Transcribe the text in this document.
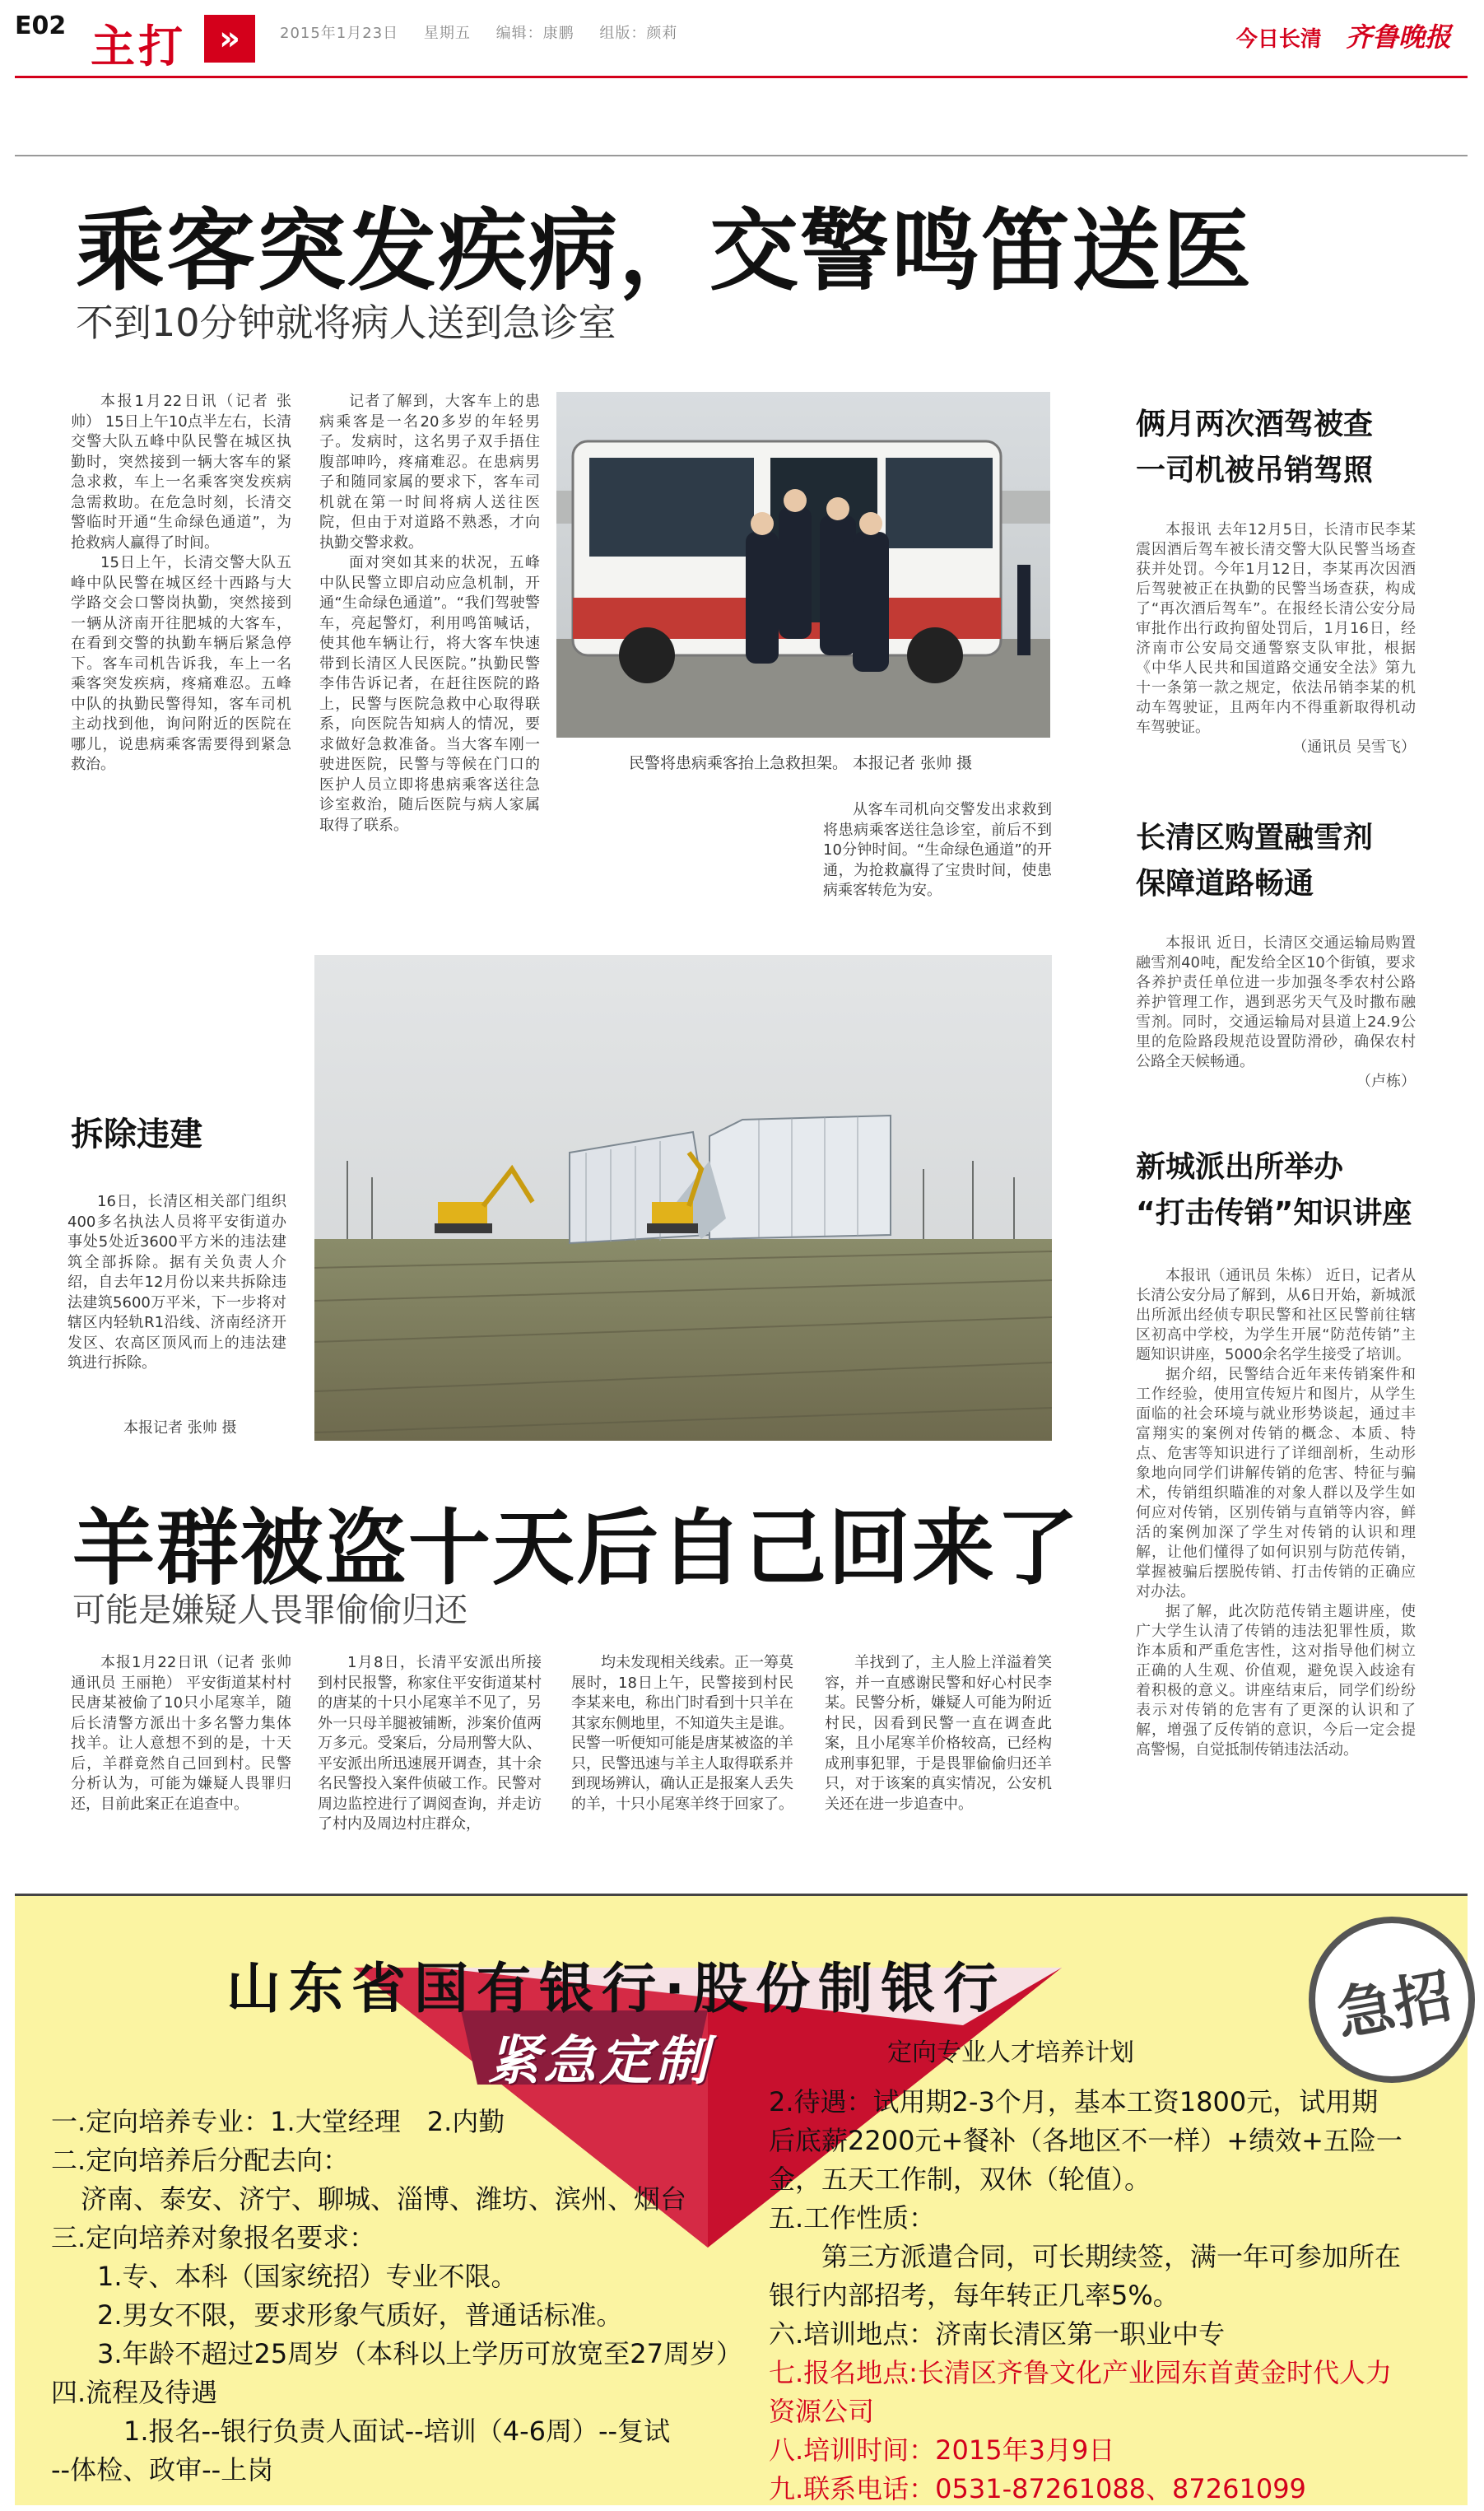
E02 主打	»	2015年1月23日 星期五 编辑：康鹏 组版：颜莉	今日长清 齐鲁晚报
乘客突发疾病，交警鸣笛送医
不到10分钟就将病人送到急诊室

本报1月22日讯（记者 张帅） 15日上午10点半左右，长清交警大队五峰中队民警在城区执勤时，突然接到一辆大客车的紧急求救，车上一名乘客突发疾病急需救助。在危急时刻，长清交警临时开通“生命绿色通道”，为抢救病人赢得了时间。

15日上午，长清交警大队五峰中队民警在城区经十西路与大学路交会口警岗执勤，突然接到一辆从济南开往肥城的大客车，在看到交警的执勤车辆后紧急停下。客车司机告诉我，车上一名乘客突发疾病，疼痛难忍。五峰中队的执勤民警得知，客车司机主动找到他，询问附近的医院在哪儿，说患病乘客需要得到紧急救治。

记者了解到，大客车上的患病乘客是一名20多岁的年轻男子。发病时，这名男子双手捂住腹部呻吟，疼痛难忍。在患病男子和随同家属的要求下，客车司机就在第一时间将病人送往医院，但由于对道路不熟悉，才向执勤交警求救。

面对突如其来的状况，五峰中队民警立即启动应急机制，开通“生命绿色通道”。“我们驾驶警车，亮起警灯，利用鸣笛喊话，使其他车辆让行，将大客车快速带到长清区人民医院。”执勤民警李伟告诉记者，在赶往医院的路上，民警与医院急救中心取得联系，向医院告知病人的情况，要求做好急救准备。当大客车刚一驶进医院，民警与等候在门口的医护人员立即将患病乘客送往急诊室救治，随后医院与病人家属取得了联系。

从客车司机向交警发出求救到将患病乘客送往急诊室，前后不到10分钟时间。“生命绿色通道”的开通，为抢救赢得了宝贵时间，使患病乘客转危为安。

民警将患病乘客抬上急救担架。 本报记者 张帅 摄
拆除违建

16日，长清区相关部门组织400多名执法人员将平安街道办事处5处近3600平方米的违法建筑全部拆除。据有关负责人介绍，自去年12月份以来共拆除违法建筑5600万平米，下一步将对辖区内轻轨R1沿线、济南经济开发区、农高区顶风而上的违法建筑进行拆除。

本报记者 张帅 摄
羊群被盗十天后自己回来了
可能是嫌疑人畏罪偷偷归还

本报1月22日讯（记者 张帅 通讯员 王丽艳） 平安街道某村村民唐某被偷了10只小尾寒羊，随后长清警方派出十多名警力集体找羊。让人意想不到的是，十天后，羊群竟然自己回到村。民警分析认为，可能为嫌疑人畏罪归还，目前此案正在追查中。

1月8日，长清平安派出所接到村民报警，称家住平安街道某村的唐某的十只小尾寒羊不见了，另外一只母羊腿被铺断，涉案价值两万多元。受案后，分局刑警大队、平安派出所迅速展开调查，其十余名民警投入案件侦破工作。民警对周边监控进行了调阅查询，并走访了村内及周边村庄群众，

均未发现相关线索。正一筹莫展时，18日上午，民警接到村民李某来电，称出门时看到十只羊在其家东侧地里，不知道失主是谁。民警一听便知可能是唐某被盗的羊只，民警迅速与羊主人取得联系并到现场辨认，确认正是报案人丢失的羊，十只小尾寒羊终于回家了。

羊找到了，主人脸上洋溢着笑容，并一直感谢民警和好心村民李某。民警分析，嫌疑人可能为附近村民，因看到民警一直在调查此案，且小尾寒羊价格较高，已经构成刑事犯罪，于是畏罪偷偷归还羊只，对于该案的真实情况，公安机关还在进一步追查中。

俩月两次酒驾被查
一司机被吊销驾照

本报讯 去年12月5日，长清市民李某震因酒后驾车被长清交警大队民警当场查获并处罚。今年1月12日，李某再次因酒后驾驶被正在执勤的民警当场查获，构成了“再次酒后驾车”。在报经长清公安分局审批作出行政拘留处罚后，1月16日，经济南市公安局交通警察支队审批，根据《中华人民共和国道路交通安全法》第九十一条第一款之规定，依法吊销李某的机动车驾驶证，且两年内不得重新取得机动车驾驶证。

（通讯员 吴雪飞）

长清区购置融雪剂
保障道路畅通

本报讯 近日，长清区交通运输局购置融雪剂40吨，配发给全区10个街镇，要求各养护责任单位进一步加强冬季农村公路养护管理工作，遇到恶劣天气及时撒布融雪剂。同时，交通运输局对县道上24.9公里的危险路段规范设置防滑砂，确保农村公路全天候畅通。

（卢栋）

新城派出所举办
“打击传销”知识讲座

本报讯（通讯员 朱栋） 近日，记者从长清公安分局了解到，从6日开始，新城派出所派出经侦专职民警和社区民警前往辖区初高中学校，为学生开展“防范传销”主题知识讲座，5000余名学生接受了培训。

据介绍，民警结合近年来传销案件和工作经验，使用宣传短片和图片，从学生面临的社会环境与就业形势谈起，通过丰富翔实的案例对传销的概念、本质、特点、危害等知识进行了详细剖析，生动形象地向同学们讲解传销的危害、特征与骗术，传销组织瞄准的对象人群以及学生如何应对传销，区别传销与直销等内容，鲜活的案例加深了学生对传销的认识和理解，让他们懂得了如何识别与防范传销，掌握被骗后摆脱传销、打击传销的正确应对办法。

据了解，此次防范传销主题讲座，使广大学生认清了传销的违法犯罪性质，欺诈本质和严重危害性，这对指导他们树立正确的人生观、价值观，避免误入歧途有着积极的意义。讲座结束后，同学们纷纷表示对传销的危害有了更深的认识和了解，增强了反传销的意识，今后一定会提高警惕，自觉抵制传销违法活动。

山东省国有银行·股份制银行
紧急定制	定向专业人才培养计划
急招
一.定向培养专业：1.大堂经理　2.内勤
二.定向培养后分配去向：
济南、泰安、济宁、聊城、淄博、潍坊、滨州、烟台
三.定向培养对象报名要求：
1.专、本科（国家统招）专业不限。
2.男女不限，要求形象气质好，普通话标准。
3.年龄不超过25周岁（本科以上学历可放宽至27周岁）
四.流程及待遇
1.报名--银行负责人面试--培训（4-6周）--复试
--体检、政审--上岗
2.待遇：试用期2-3个月，基本工资1800元，试用期
后底薪2200元+餐补（各地区不一样）+绩效+五险一
金，五天工作制，双休（轮值）。
五.工作性质：
　　第三方派遣合同，可长期续签，满一年可参加所在
银行内部招考，每年转正几率5%。
六.培训地点：济南长清区第一职业中专
七.报名地点:长清区齐鲁文化产业园东首黄金时代人力
资源公司
八.培训时间：2015年3月9日
九.联系电话：0531-87261088、87261099
